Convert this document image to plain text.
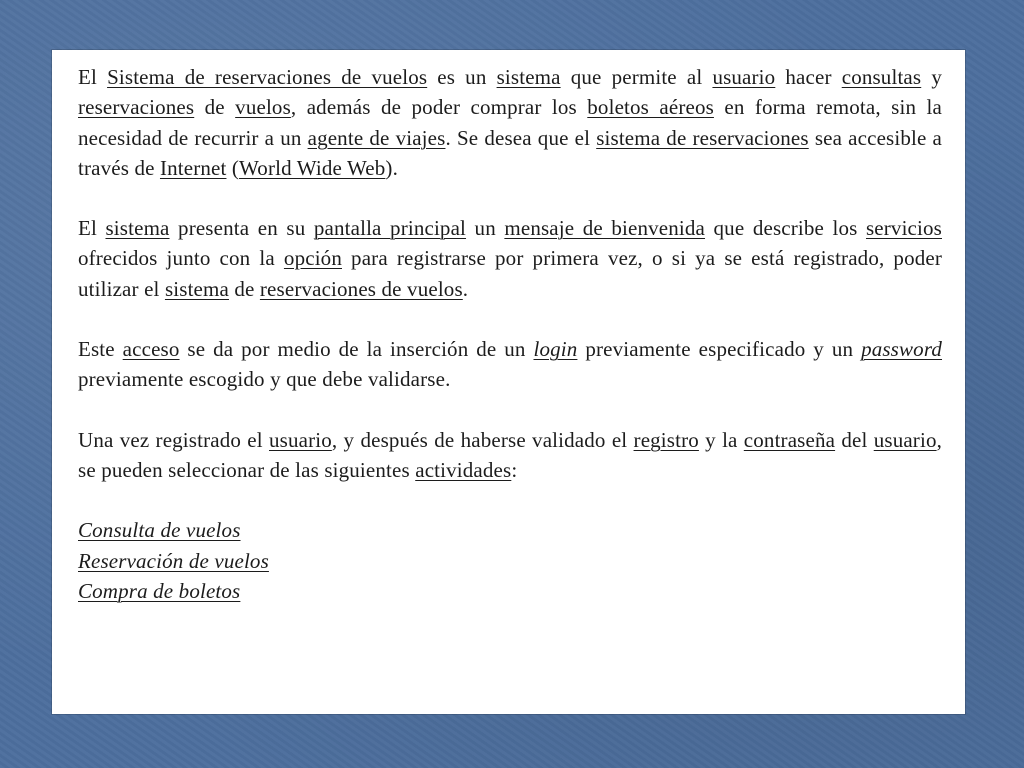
El Sistema de reservaciones de vuelos es un sistema que permite al usuario hacer consultas y reservaciones de vuelos, además de poder comprar los boletos aéreos en forma remota, sin la necesidad de recurrir a un agente de viajes. Se desea que el sistema de reservaciones sea accesible a través de Internet (World Wide Web).

El sistema presenta en su pantalla principal un mensaje de bienvenida que describe los servicios ofrecidos junto con la opción para registrarse por primera vez, o si ya se está registrado, poder utilizar el sistema de reservaciones de vuelos.

Este acceso se da por medio de la inserción de un login previamente especificado y un password previamente escogido y que debe validarse.

Una vez registrado el usuario, y después de haberse validado el registro y la contraseña del usuario, se pueden seleccionar de las siguientes actividades:

Consulta de vuelos
Reservación de vuelos
Compra de boletos
